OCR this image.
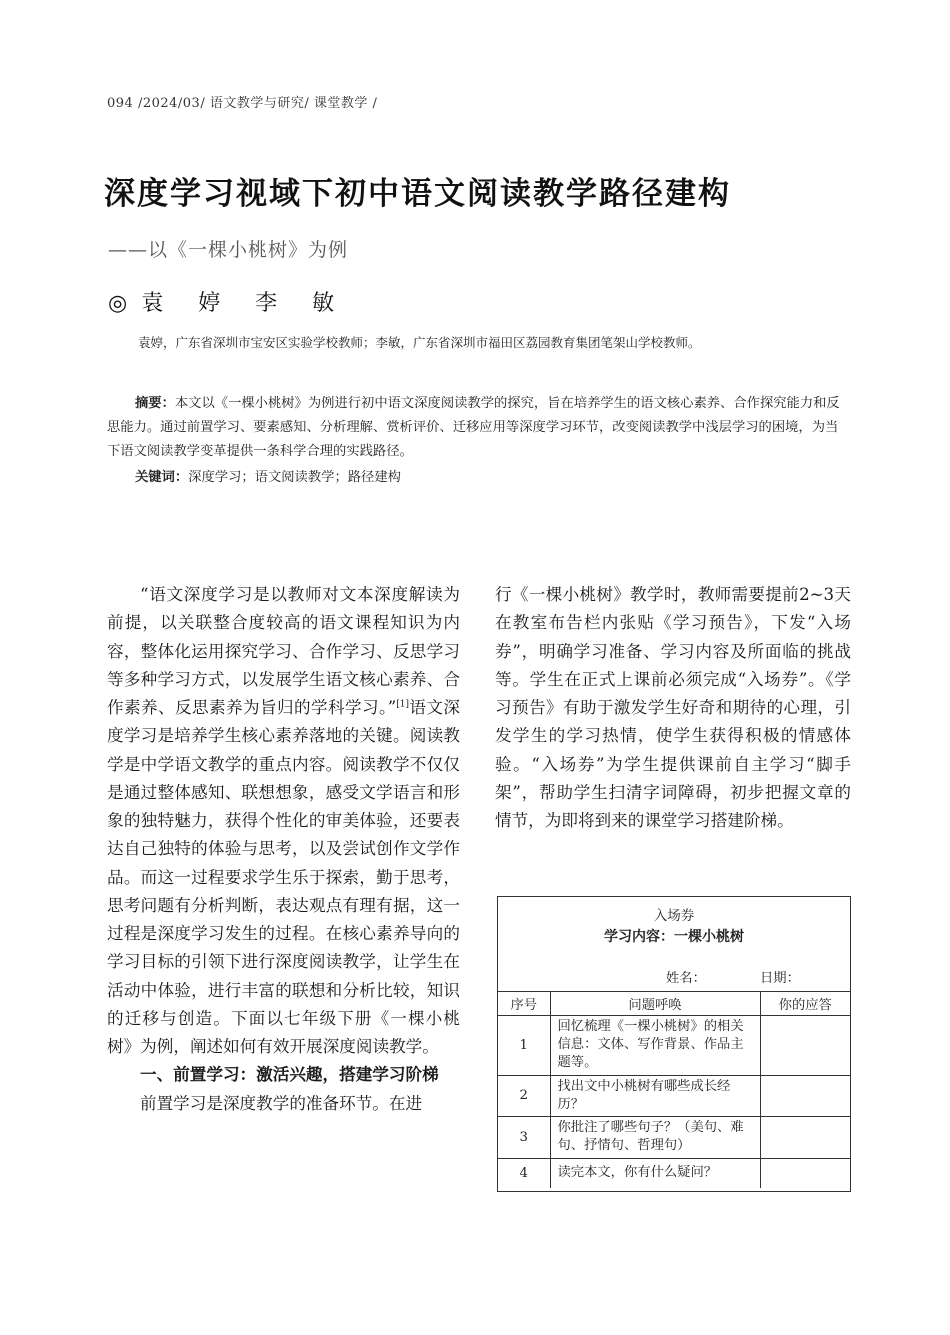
094 /2024/03/ 语文教学与研究/ 课堂教学 /
深度学习视域下初中语文阅读教学路径建构
——以《一棵小桃树》为例
◎袁 婷 李 敏
袁婷，广东省深圳市宝安区实验学校教师；李敏，广东省深圳市福田区荔园教育集团笔架山学校教师。

摘要：本文以《一棵小桃树》为例进行初中语文深度阅读教学的探究，旨在培养学生的语文核心素养、合作探究能力和反思能力。通过前置学习、要素感知、分析理解、赏析评价、迁移应用等深度学习环节，改变阅读教学中浅层学习的困境，为当下语文阅读教学变革提供一条科学合理的实践路径。

关键词：深度学习；语文阅读教学；路径建构

“语文深度学习是以教师对文本深度解读为前提，以关联整合度较高的语文课程知识为内容，整体化运用探究学习、合作学习、反思学习等多种学习方式，以发展学生语文核心素养、合作素养、反思素养为旨归的学科学习。”[1]语文深度学习是培养学生核心素养落地的关键。阅读教学是中学语文教学的重点内容。阅读教学不仅仅是通过整体感知、联想想象，感受文学语言和形象的独特魅力，获得个性化的审美体验，还要表达自己独特的体验与思考，以及尝试创作文学作品。而这一过程要求学生乐于探索，勤于思考，思考问题有分析判断，表达观点有理有据，这一过程是深度学习发生的过程。在核心素养导向的学习目标的引领下进行深度阅读教学，让学生在活动中体验，进行丰富的联想和分析比较，知识的迁移与创造。下面以七年级下册《一棵小桃树》为例，阐述如何有效开展深度阅读教学。

一、前置学习：激活兴趣，搭建学习阶梯

前置学习是深度教学的准备环节。在进

行《一棵小桃树》教学时，教师需要提前2~3天在教室布告栏内张贴《学习预告》，下发“入场券”，明确学习准备、学习内容及所面临的挑战等。学生在正式上课前必须完成“入场券”。《学习预告》有助于激发学生好奇和期待的心理，引发学生的学习热情，使学生获得积极的情感体验。“入场券”为学生提供课前自主学习“脚手架”，帮助学生扫清字词障碍，初步把握文章的情节，为即将到来的课堂学习搭建阶梯。

入场券
学习内容：一棵小桃树
姓名：	日期：
序号	问题呼唤	你的应答
1	回忆梳理《一棵小桃树》的相关信息：文体、写作背景、作品主题等。	
2	找出文中小桃树有哪些成长经历？	
3	你批注了哪些句子？（美句、难句、抒情句、哲理句）	
4	读完本文，你有什么疑问？	
